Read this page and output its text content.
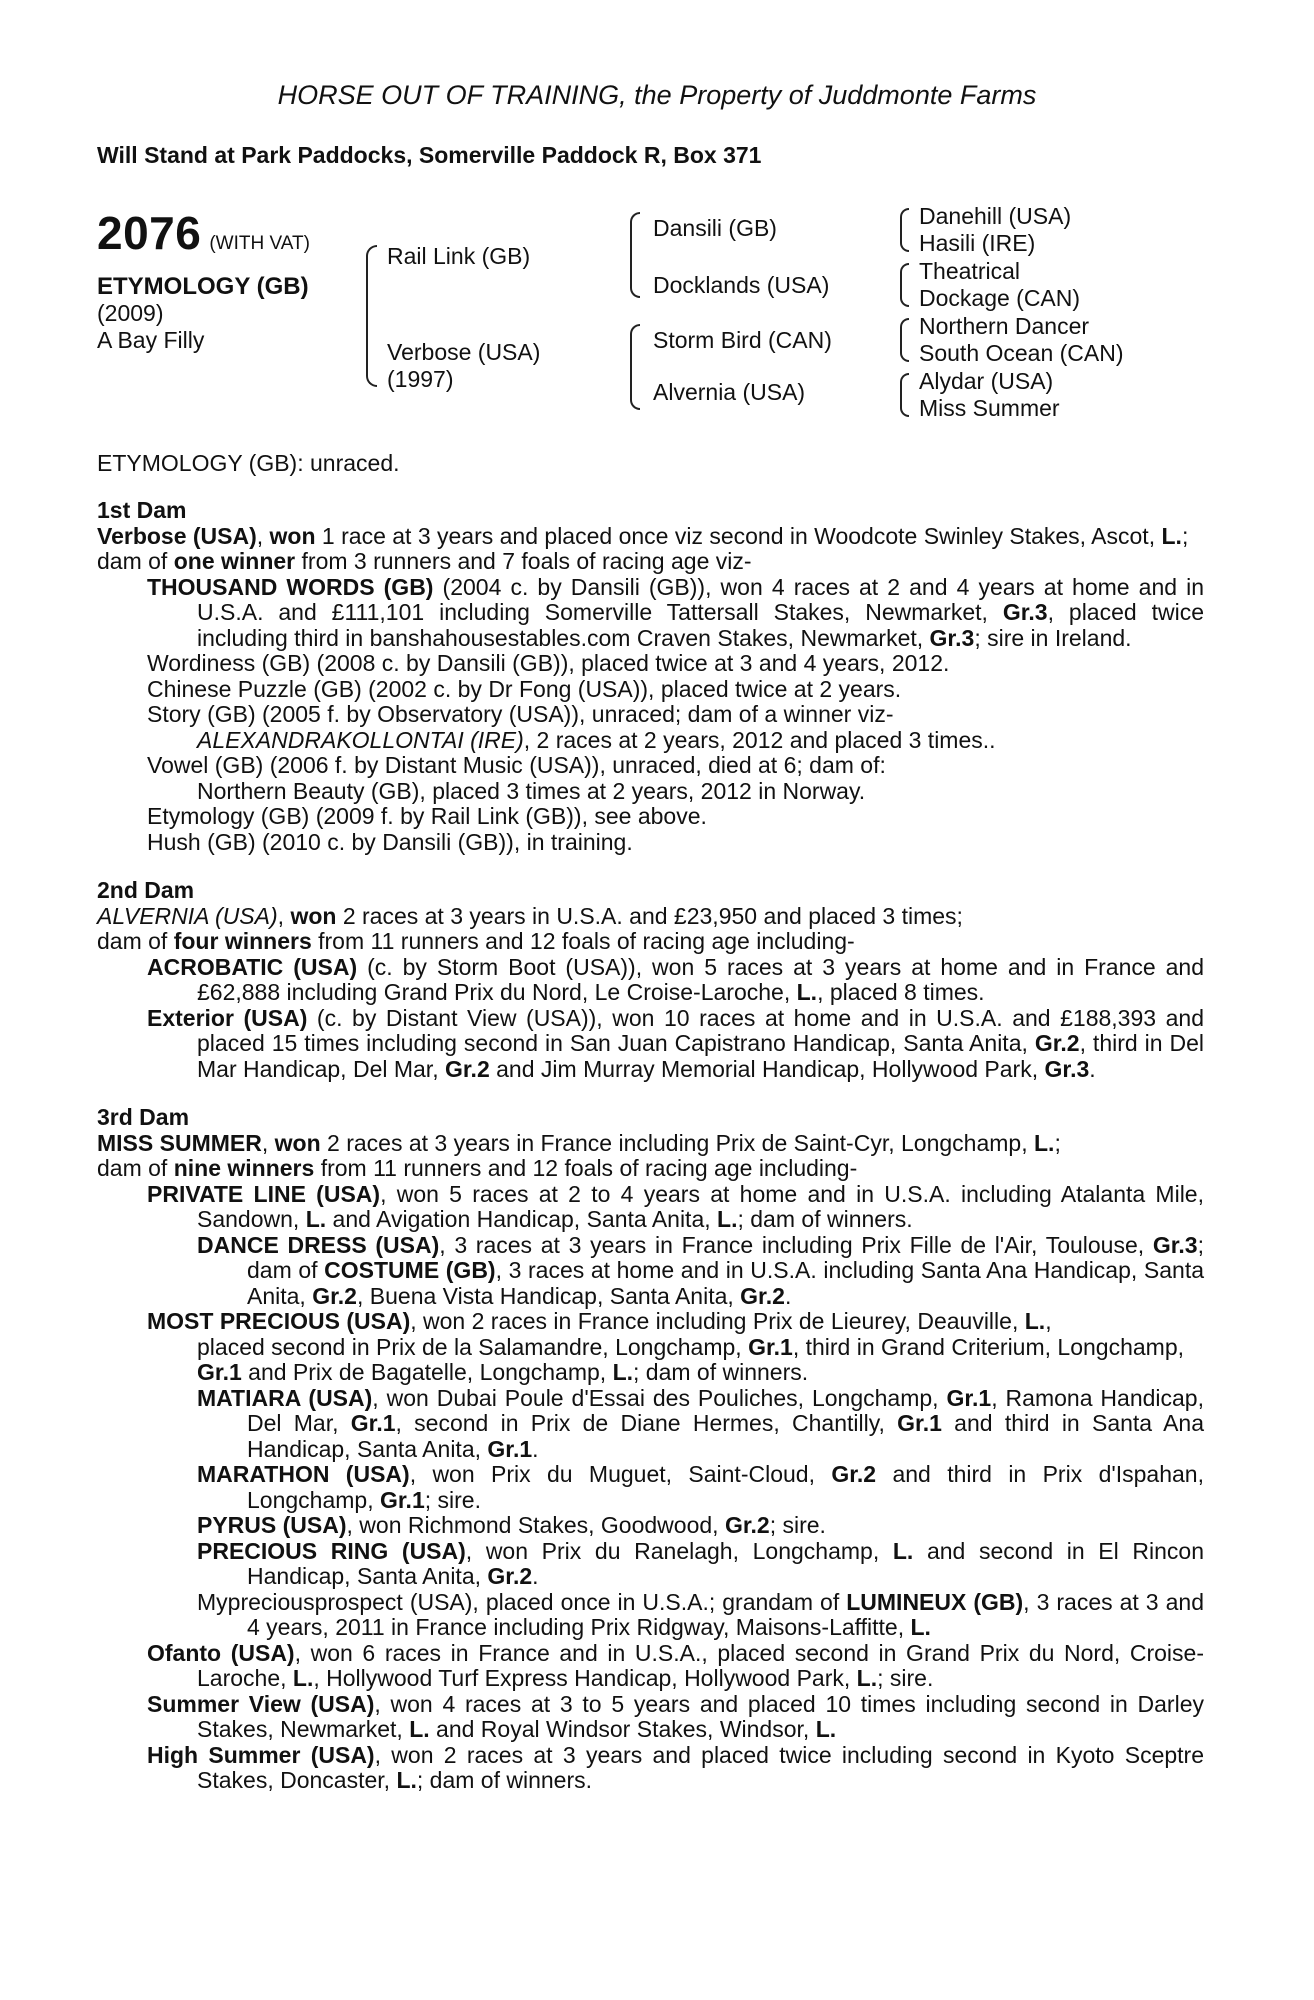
HORSE OUT OF TRAINING, the Property of Juddmonte Farms
Will Stand at Park Paddocks, Somerville Paddock R, Box 371
2076 (WITH VAT)
ETYMOLOGY (GB)
(2009)
A Bay Filly
Rail Link (GB)
Verbose (USA)
(1997)
Dansili (GB)
Docklands (USA)
Storm Bird (CAN)
Alvernia (USA)
Danehill (USA)
Hasili (IRE)
Theatrical
Dockage (CAN)
Northern Dancer
South Ocean (CAN)
Alydar (USA)
Miss Summer
ETYMOLOGY (GB): unraced.
1st Dam

Verbose (USA), won 1 race at 3 years and placed once viz second in Woodcote Swinley Stakes, Ascot, L.;

dam of one winner from 3 runners and 7 foals of racing age viz-

THOUSAND WORDS (GB) (2004 c. by Dansili (GB)), won 4 races at 2 and 4 years at home and in U.S.A. and £111,101 including Somerville Tattersall Stakes, Newmarket, Gr.3, placed twice including third in banshahousestables.com Craven Stakes, Newmarket, Gr.3; sire in Ireland.

Wordiness (GB) (2008 c. by Dansili (GB)), placed twice at 3 and 4 years, 2012.

Chinese Puzzle (GB) (2002 c. by Dr Fong (USA)), placed twice at 2 years.

Story (GB) (2005 f. by Observatory (USA)), unraced; dam of a winner viz-

ALEXANDRAKOLLONTAI (IRE), 2 races at 2 years, 2012 and placed 3 times..

Vowel (GB) (2006 f. by Distant Music (USA)), unraced, died at 6; dam of:

Northern Beauty (GB), placed 3 times at 2 years, 2012 in Norway.

Etymology (GB) (2009 f. by Rail Link (GB)), see above.

Hush (GB) (2010 c. by Dansili (GB)), in training.

2nd Dam

ALVERNIA (USA), won 2 races at 3 years in U.S.A. and £23,950 and placed 3 times;

dam of four winners from 11 runners and 12 foals of racing age including-

ACROBATIC (USA) (c. by Storm Boot (USA)), won 5 races at 3 years at home and in France and £62,888 including Grand Prix du Nord, Le Croise-Laroche, L., placed 8 times.

Exterior (USA) (c. by Distant View (USA)), won 10 races at home and in U.S.A. and £188,393 and placed 15 times including second in San Juan Capistrano Handicap, Santa Anita, Gr.2, third in Del Mar Handicap, Del Mar, Gr.2 and Jim Murray Memorial Handicap, Hollywood Park, Gr.3.

3rd Dam

MISS SUMMER, won 2 races at 3 years in France including Prix de Saint-Cyr, Longchamp, L.;

dam of nine winners from 11 runners and 12 foals of racing age including-

PRIVATE LINE (USA), won 5 races at 2 to 4 years at home and in U.S.A. including Atalanta Mile, Sandown, L. and Avigation Handicap, Santa Anita, L.; dam of winners.

DANCE DRESS (USA), 3 races at 3 years in France including Prix Fille de l'Air, Toulouse, Gr.3; dam of COSTUME (GB), 3 races at home and in U.S.A. including Santa Ana Handicap, Santa Anita, Gr.2, Buena Vista Handicap, Santa Anita, Gr.2.

MOST PRECIOUS (USA), won 2 races in France including Prix de Lieurey, Deauville, L.,

placed second in Prix de la Salamandre, Longchamp, Gr.1, third in Grand Criterium, Longchamp, Gr.1 and Prix de Bagatelle, Longchamp, L.; dam of winners.

MATIARA (USA), won Dubai Poule d'Essai des Pouliches, Longchamp, Gr.1, Ramona Handicap, Del Mar, Gr.1, second in Prix de Diane Hermes, Chantilly, Gr.1 and third in Santa Ana Handicap, Santa Anita, Gr.1.

MARATHON (USA), won Prix du Muguet, Saint-Cloud, Gr.2 and third in Prix d'Ispahan, Longchamp, Gr.1; sire.

PYRUS (USA), won Richmond Stakes, Goodwood, Gr.2; sire.

PRECIOUS RING (USA), won Prix du Ranelagh, Longchamp, L. and second in El Rincon Handicap, Santa Anita, Gr.2.

Mypreciousprospect (USA), placed once in U.S.A.; grandam of LUMINEUX (GB), 3 races at 3 and 4 years, 2011 in France including Prix Ridgway, Maisons-Laffitte, L.

Ofanto (USA), won 6 races in France and in U.S.A., placed second in Grand Prix du Nord, Croise-Laroche, L., Hollywood Turf Express Handicap, Hollywood Park, L.; sire.

Summer View (USA), won 4 races at 3 to 5 years and placed 10 times including second in Darley Stakes, Newmarket, L. and Royal Windsor Stakes, Windsor, L.

High Summer (USA), won 2 races at 3 years and placed twice including second in Kyoto Sceptre Stakes, Doncaster, L.; dam of winners.
